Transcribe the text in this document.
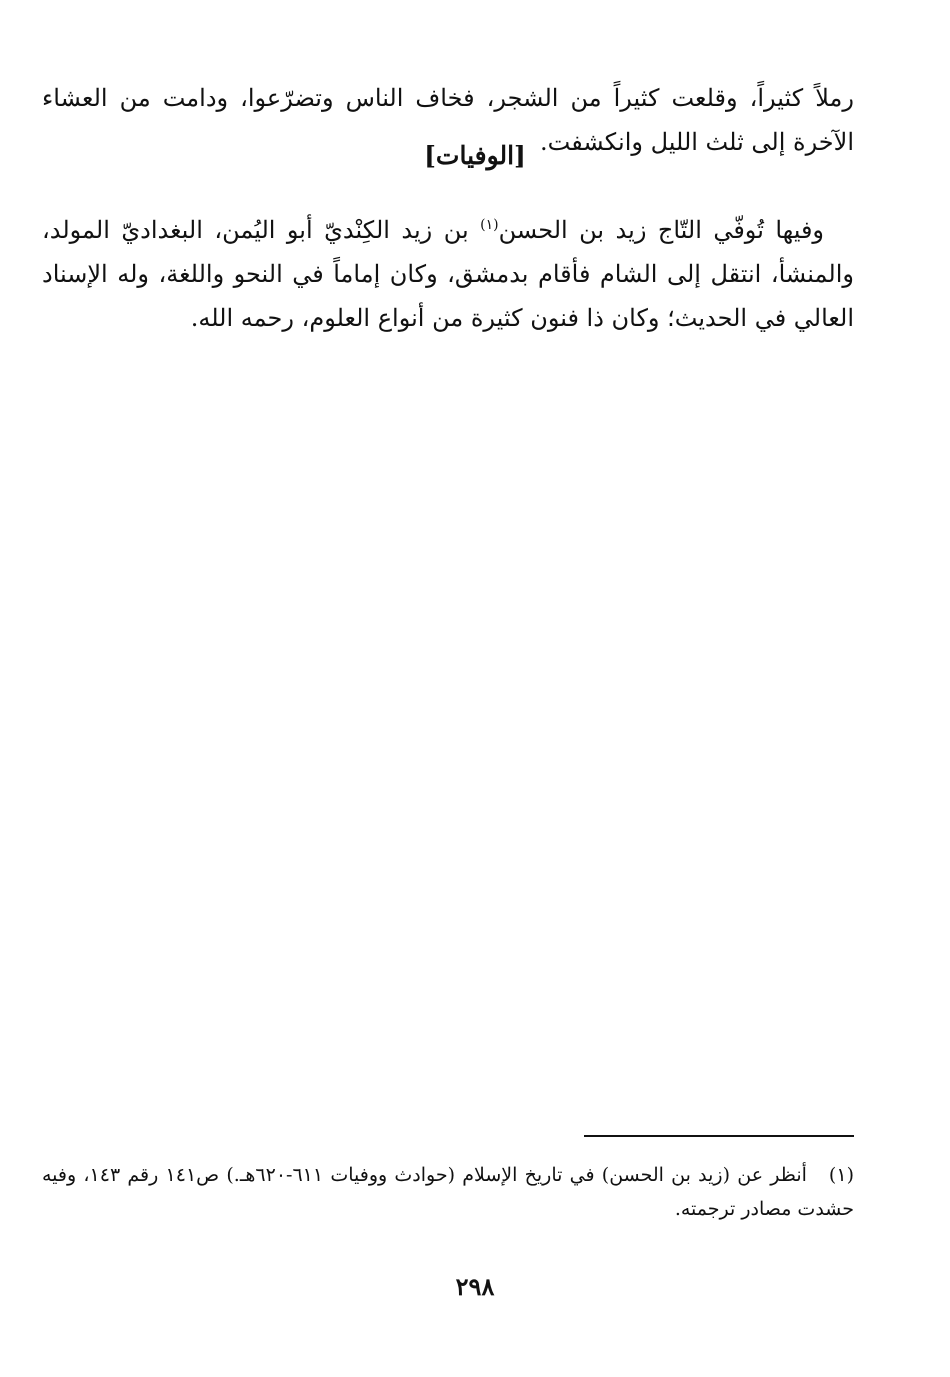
رملاً كثيراً، وقلعت كثيراً من الشجر، فخاف الناس وتضرّعوا، ودامت من العشاء الآخرة إلى ثلث الليل وانكشفت.

[الوفيات]

وفيها تُوفّي التّاج زيد بن الحسن$^{(١)}$ بن زيد الكِنْديّ أبو اليُمن، البغداديّ المولد، والمنشأ، انتقل إلى الشام فأقام بدمشق، وكان إماماً في النحو واللغة، وله الإسناد العالي في الحديث؛ وكان ذا فنون كثيرة من أنواع العلوم، رحمه الله.

(١)أنظر عن (زيد بن الحسن) في تاريخ الإسلام (حوادث ووفيات ٦١١-٦٢٠هـ.) ص١٤١ رقم ١٤٣، وفيه حشدت مصادر ترجمته.
٢٩٨
